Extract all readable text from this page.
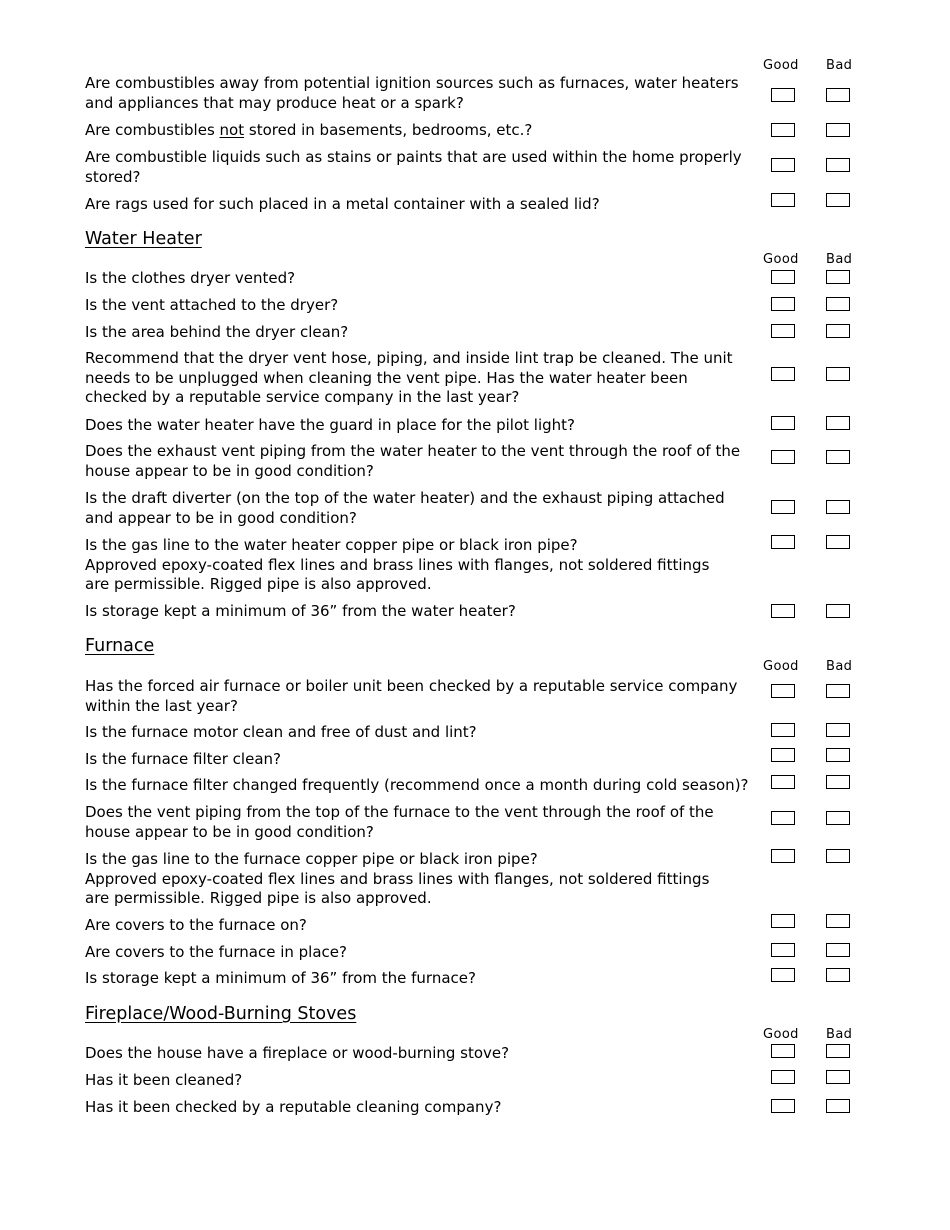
Good Bad
Are combustibles away from potential ignition sources such as furnaces, water heaters
and appliances that may produce heat or a spark?
Are combustibles not stored in basements, bedrooms, etc.?
Are combustible liquids such as stains or paints that are used within the home properly
stored?
Are rags used for such placed in a metal container with a sealed lid?
Water Heater
Good Bad
Is the clothes dryer vented?
Is the vent attached to the dryer?
Is the area behind the dryer clean?
Recommend that the dryer vent hose, piping, and inside lint trap be cleaned. The unit
needs to be unplugged when cleaning the vent pipe. Has the water heater been
checked by a reputable service company in the last year?
Does the water heater have the guard in place for the pilot light?
Does the exhaust vent piping from the water heater to the vent through the roof of the
house appear to be in good condition?
Is the draft diverter (on the top of the water heater) and the exhaust piping attached
and appear to be in good condition?
Is the gas line to the water heater copper pipe or black iron pipe?
Approved epoxy-coated flex lines and brass lines with flanges, not soldered fittings
are permissible. Rigged pipe is also approved.
Is storage kept a minimum of 36” from the water heater?
Furnace
Good Bad
Has the forced air furnace or boiler unit been checked by a reputable service company
within the last year?
Is the furnace motor clean and free of dust and lint?
Is the furnace filter clean?
Is the furnace filter changed frequently (recommend once a month during cold season)?
Does the vent piping from the top of the furnace to the vent through the roof of the
house appear to be in good condition?
Is the gas line to the furnace copper pipe or black iron pipe?
Approved epoxy-coated flex lines and brass lines with flanges, not soldered fittings
are permissible. Rigged pipe is also approved.
Are covers to the furnace on?
Are covers to the furnace in place?
Is storage kept a minimum of 36” from the furnace?
Fireplace/Wood-Burning Stoves
Good Bad
Does the house have a fireplace or wood-burning stove?
Has it been cleaned?
Has it been checked by a reputable cleaning company?
